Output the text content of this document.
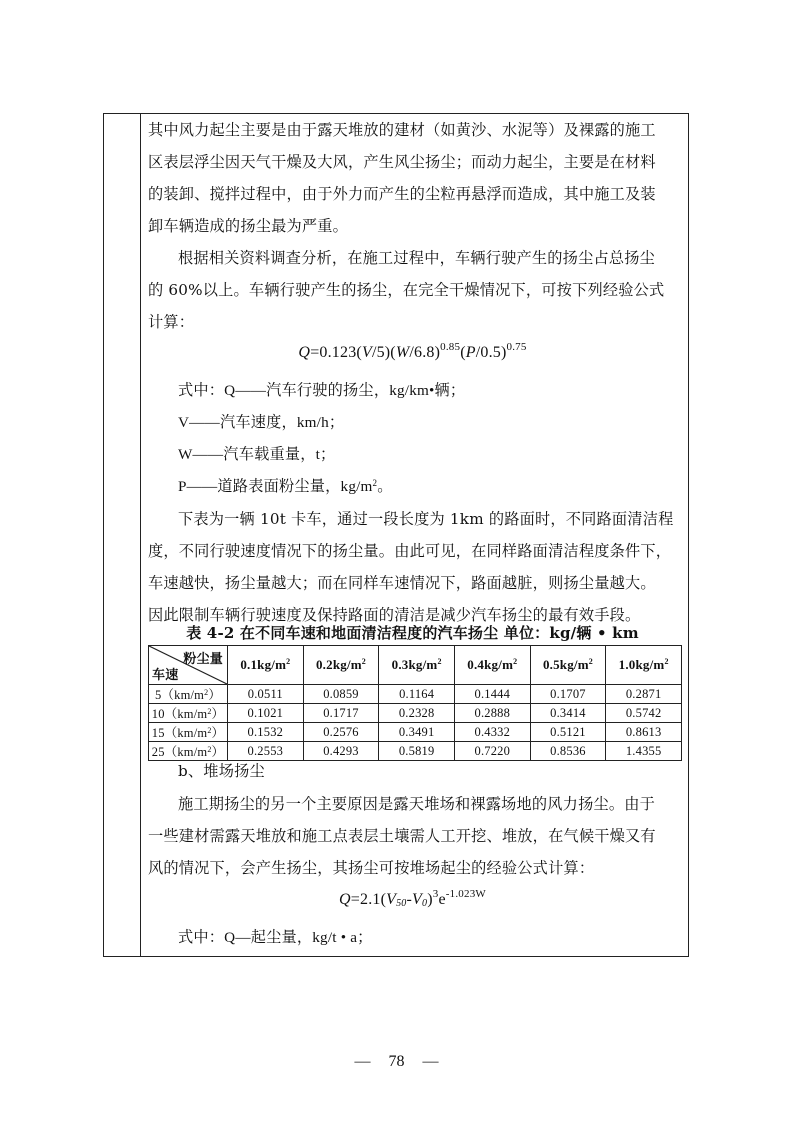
其中风力起尘主要是由于露天堆放的建材（如黄沙、水泥等）及裸露的施工
区表层浮尘因天气干燥及大风，产生风尘扬尘；而动力起尘，主要是在材料
的装卸、搅拌过程中，由于外力而产生的尘粒再悬浮而造成，其中施工及装
卸车辆造成的扬尘最为严重。
根据相关资料调查分析，在施工过程中，车辆行驶产生的扬尘占总扬尘
的 60%以上。车辆行驶产生的扬尘，在完全干燥情况下，可按下列经验公式
计算：
$Q=0.123(V/5)(W/6.8)^{0.85}(P/0.5)^{0.75}$
式中：Q——汽车行驶的扬尘，kg/km•辆；
V——汽车速度，km/h；
W——汽车载重量，t；
P——道路表面粉尘量，$kg/m^2$。
下表为一辆 10t 卡车，通过一段长度为 1km 的路面时，不同路面清洁程
度，不同行驶速度情况下的扬尘量。由此可见，在同样路面清洁程度条件下，
车速越快，扬尘量越大；而在同样车速情况下，路面越脏，则扬尘量越大。
因此限制车辆行驶速度及保持路面的清洁是减少汽车扬尘的最有效手段。
表 4-2 在不同车速和地面清洁程度的汽车扬尘 单位：kg/辆 • km
粉尘量
车速	$0.1kg/m^2$	$0.2kg/m^2$	$0.3kg/m^2$	$0.4kg/m^2$	$0.5kg/m^2$	$1.0kg/m^2$
$5(km/m^2)$	0.0511	0.0859	0.1164	0.1444	0.1707	0.2871
$10(km/m^2)$	0.1021	0.1717	0.2328	0.2888	0.3414	0.5742
$15(km/m^2)$	0.1532	0.2576	0.3491	0.4332	0.5121	0.8613
$25(km/m^2)$	0.2553	0.4293	0.5819	0.7220	0.8536	1.4355
b、堆场扬尘
施工期扬尘的另一个主要原因是露天堆场和裸露场地的风力扬尘。由于
一些建材需露天堆放和施工点表层土壤需人工开挖、堆放，在气候干燥又有
风的情况下，会产生扬尘，其扬尘可按堆场起尘的经验公式计算：
$Q=2.1(V_{50}-V_0)^3e^{-1.023W}$
式中：Q—起尘量，kg/t • a；
— 78 —
